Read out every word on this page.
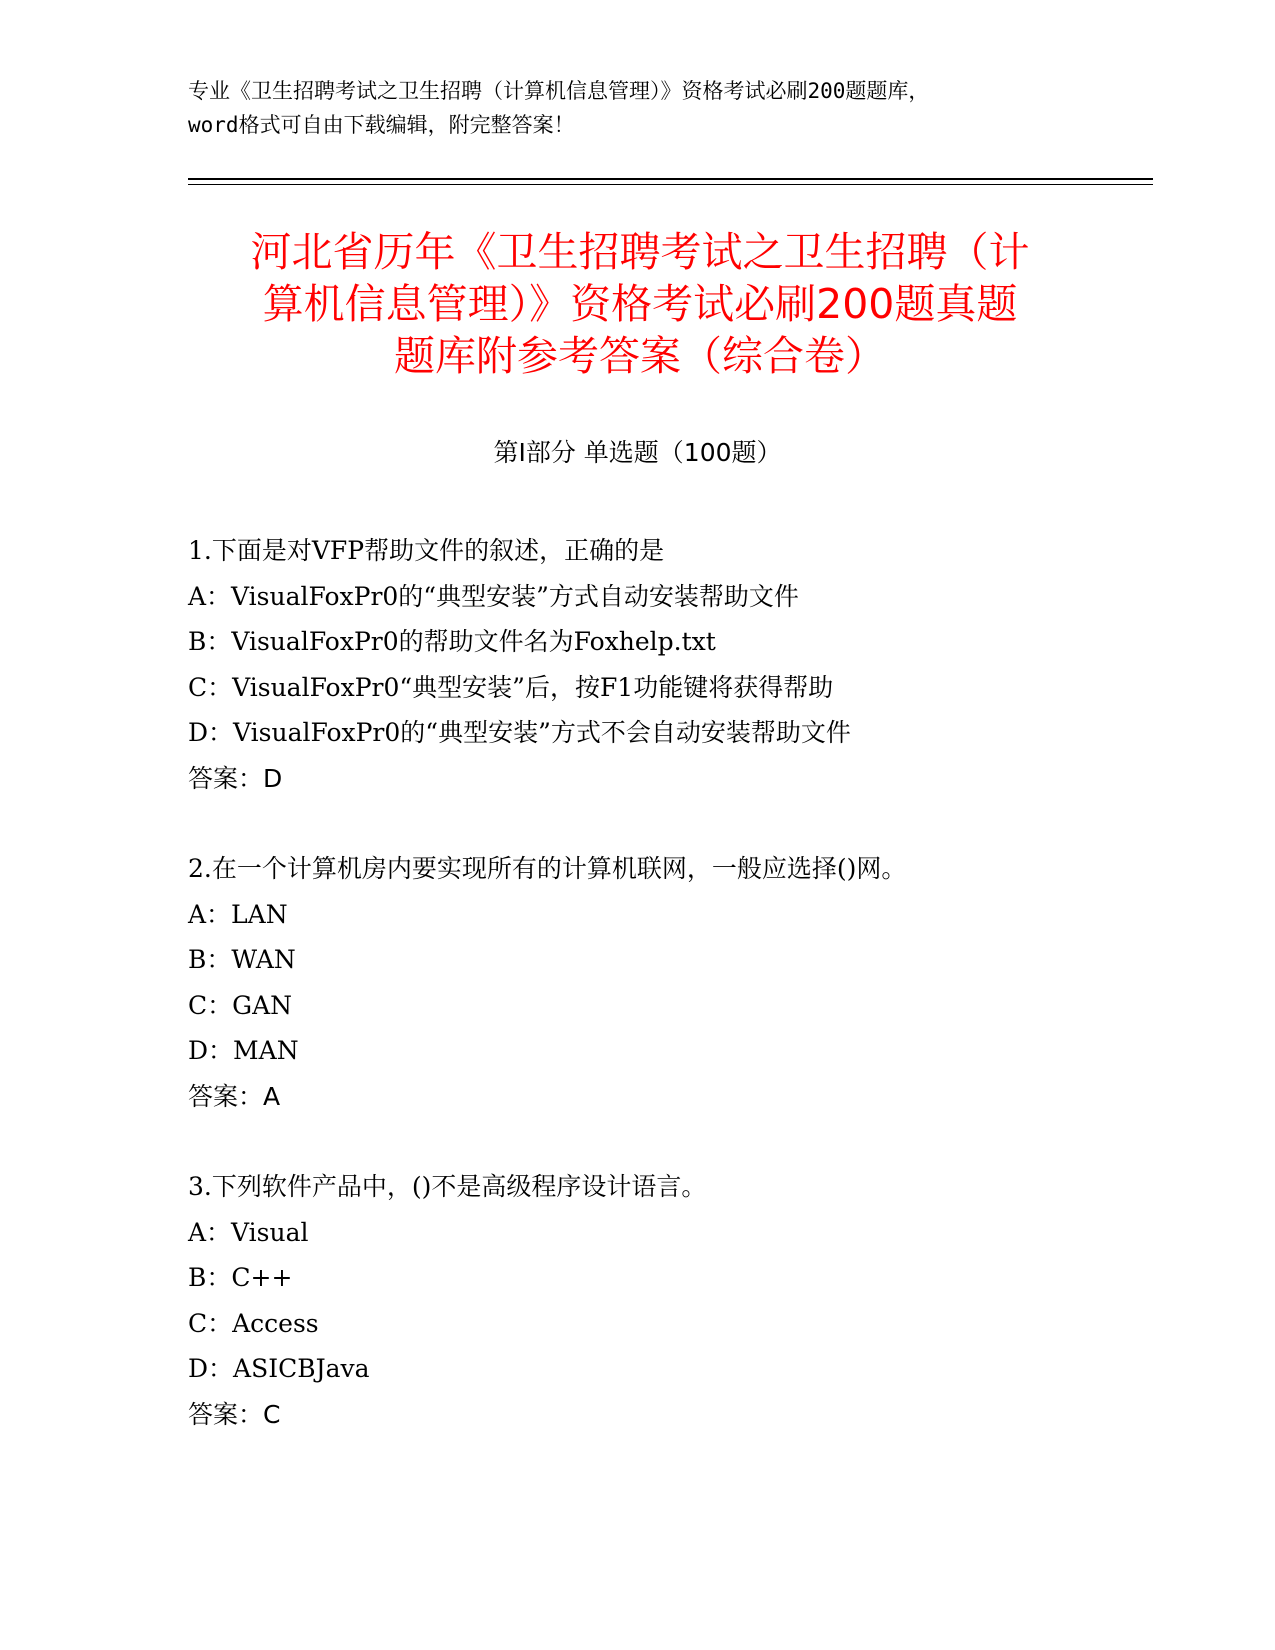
专业《卫生招聘考试之卫生招聘（计算机信息管理）》资格考试必刷200题题库，
word格式可自由下载编辑，附完整答案！
河北省历年《卫生招聘考试之卫生招聘（计
算机信息管理）》资格考试必刷200题真题
题库附参考答案（综合卷）
第Ⅰ部分 单选题（100题）
1.下面是对VFP帮助文件的叙述，正确的是
A：VisualFoxPr0的“典型安装”方式自动安装帮助文件
B：VisualFoxPr0的帮助文件名为Foxhelp.txt
C：VisualFoxPr0“典型安装”后，按F1功能键将获得帮助
D：VisualFoxPr0的“典型安装”方式不会自动安装帮助文件
答案：D
2.在一个计算机房内要实现所有的计算机联网，一般应选择()网。
A：LAN
B：WAN
C：GAN
D：MAN
答案：A
3.下列软件产品中，()不是高级程序设计语言。
A：Visual
B：C++
C：Access
D：ASICBJava
答案：C
